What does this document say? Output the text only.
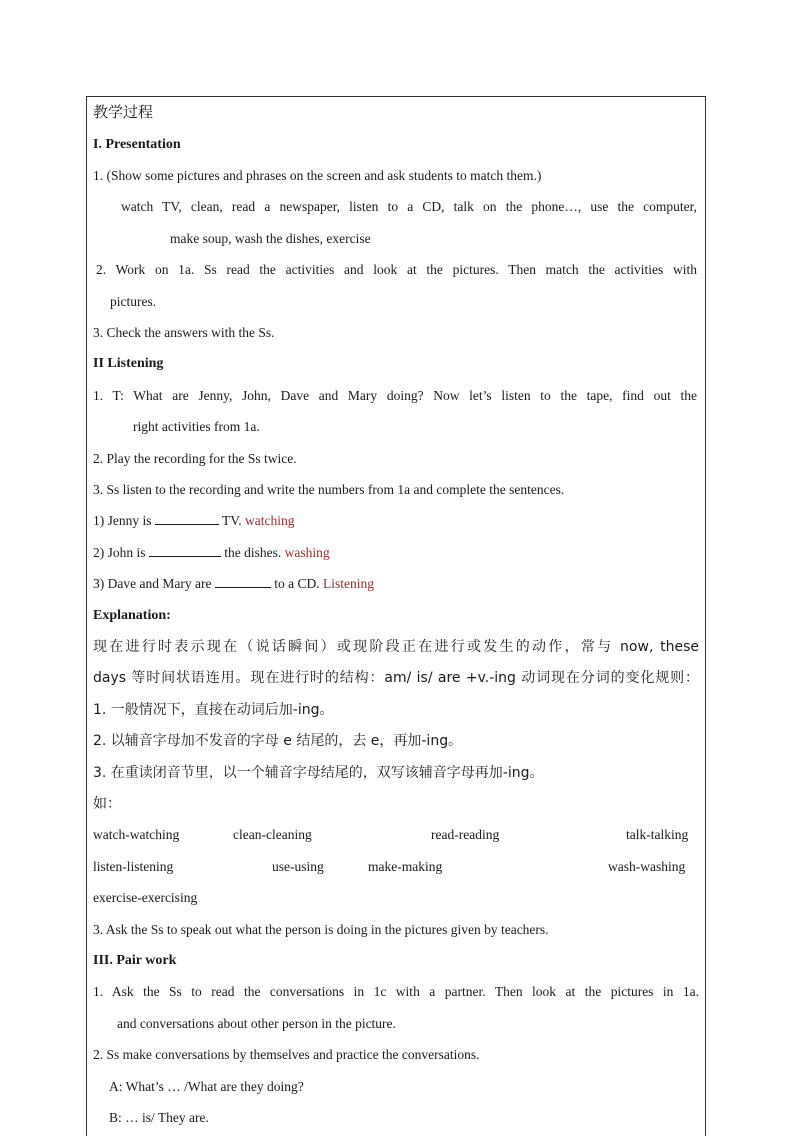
教学过程
I. Presentation
1. (Show some pictures and phrases on the screen and ask students to match them.)
watch TV, clean, read a newspaper, listen to a CD, talk on the phone…, use the computer,
make soup, wash the dishes, exercise
2. Work on 1a. Ss read the activities and look at the pictures. Then match the activities with
pictures.
3. Check the answers with the Ss.
II Listening
1. T: What are Jenny, John, Dave and Mary doing? Now let’s listen to the tape, find out the
right activities from 1a.
2. Play the recording for the Ss twice.
3. Ss listen to the recording and write the numbers from 1a and complete the sentences.
1) Jenny is	TV. watching
2) John is	the dishes. washing
3) Dave and Mary are	to a CD. Listening
Explanation:
现在进行时表示现在（说话瞬间）或现阶段正在进行或发生的动作，常与 now, these
days 等时间状语连用。现在进行时的结构：am/ is/ are +v.-ing 动词现在分词的变化规则：
1. 一般情况下，直接在动词后加-ing。
2. 以辅音字母加不发音的字母 e 结尾的，去 e，再加-ing。
3. 在重读闭音节里，以一个辅音字母结尾的，双写该辅音字母再加-ing。
如：
watch-watching	clean-cleaning	read-reading	talk-talking
listen-listening	use-using	make-making	wash-washing
exercise-exercising
3. Ask the Ss to speak out what the person is doing in the pictures given by teachers.
III. Pair work
1. Ask the Ss to read the conversations in 1c with a partner. Then look at the pictures in 1a.
and conversations about other person in the picture.
2. Ss make conversations by themselves and practice the conversations.
A: What’s … /What are they doing?
B: … is/ They are.
